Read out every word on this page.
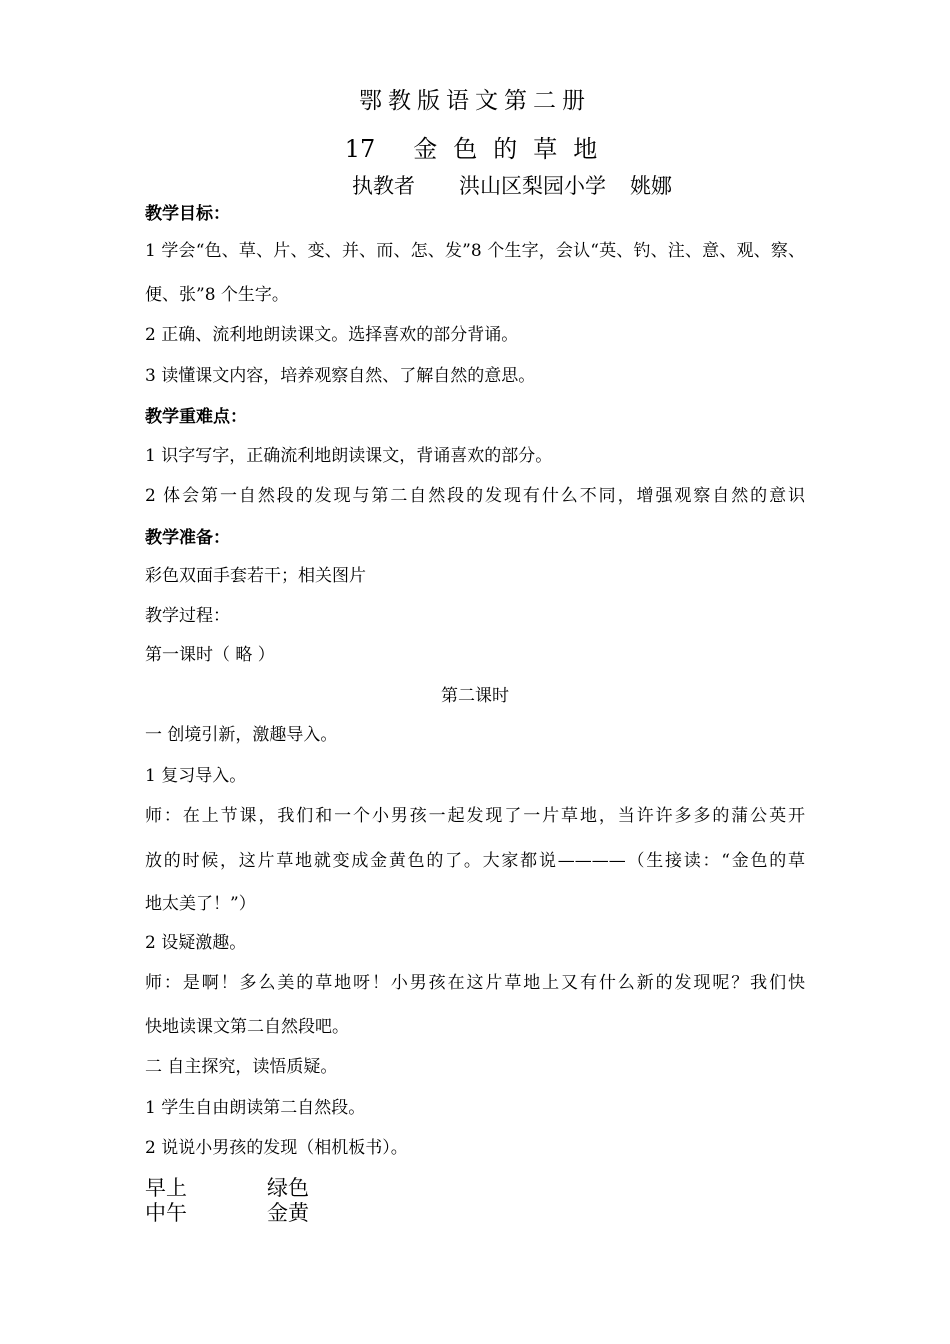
鄂教版语文第二册
17 金 色 的 草 地
执教者 洪山区梨园小学 姚娜
教学目标：
1 学会“色、草、片、变、并、而、怎、发”8 个生字，会认“英、钓、注、意、观、察、
便、张”8 个生字。
2 正确、流利地朗读课文。选择喜欢的部分背诵。
3 读懂课文内容，培养观察自然、了解自然的意思。
教学重难点：
1 识字写字，正确流利地朗读课文，背诵喜欢的部分。
2 体会第一自然段的发现与第二自然段的发现有什么不同，增强观察自然的意识
教学准备：
彩色双面手套若干；相关图片
教学过程：
第一课时（ 略 ）
第二课时
一 创境引新，激趣导入。
1 复习导入。
师：在上节课，我们和一个小男孩一起发现了一片草地，当许许多多的蒲公英开
放的时候，这片草地就变成金黄色的了。大家都说————（生接读：“金色的草
地太美了！”）
2 设疑激趣。
师：是啊！多么美的草地呀！小男孩在这片草地上又有什么新的发现呢？我们快
快地读课文第二自然段吧。
二 自主探究，读悟质疑。
1 学生自由朗读第二自然段。
2 说说小男孩的发现（相机板书）。
早上	绿色
中午	金黄
